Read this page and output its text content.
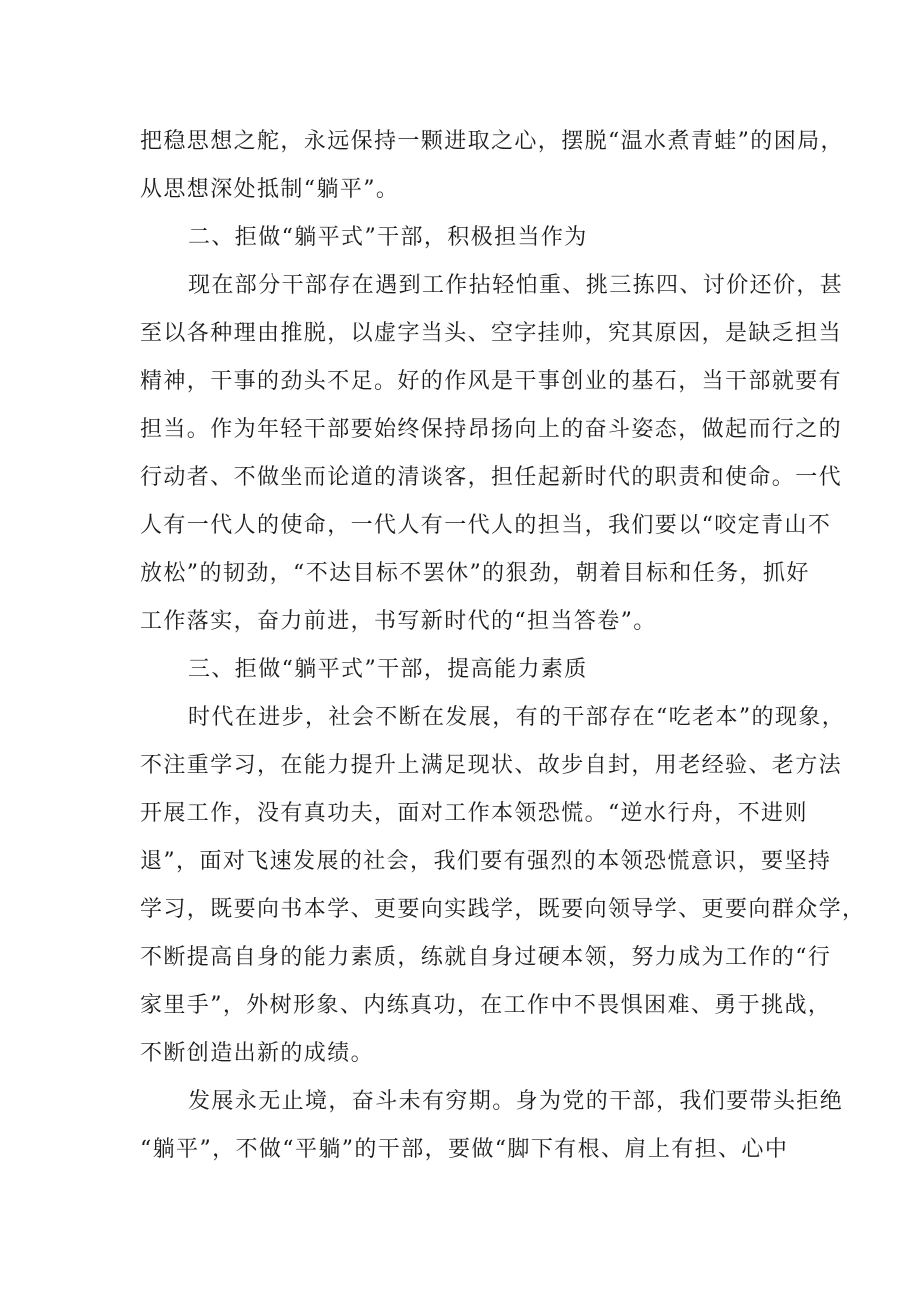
把稳思想之舵，永远保持一颗进取之心，摆脱“温水煮青蛙”的困局，
从思想深处抵制“躺平”。
二、拒做“躺平式”干部，积极担当作为
现在部分干部存在遇到工作拈轻怕重、挑三拣四、讨价还价，甚
至以各种理由推脱，以虚字当头、空字挂帅，究其原因，是缺乏担当
精神，干事的劲头不足。好的作风是干事创业的基石，当干部就要有
担当。作为年轻干部要始终保持昂扬向上的奋斗姿态，做起而行之的
行动者、不做坐而论道的清谈客，担任起新时代的职责和使命。一代
人有一代人的使命，一代人有一代人的担当，我们要以“咬定青山不
放松”的韧劲，“不达目标不罢休”的狠劲，朝着目标和任务，抓好
工作落实，奋力前进，书写新时代的“担当答卷”。
三、拒做“躺平式”干部，提高能力素质
时代在进步，社会不断在发展，有的干部存在“吃老本”的现象，
不注重学习，在能力提升上满足现状、故步自封，用老经验、老方法
开展工作，没有真功夫，面对工作本领恐慌。“逆水行舟，不进则
退”，面对飞速发展的社会，我们要有强烈的本领恐慌意识，要坚持
学习，既要向书本学、更要向实践学，既要向领导学、更要向群众学，
不断提高自身的能力素质，练就自身过硬本领，努力成为工作的“行
家里手”，外树形象、内练真功，在工作中不畏惧困难、勇于挑战，
不断创造出新的成绩。
发展永无止境，奋斗未有穷期。身为党的干部，我们要带头拒绝
“躺平”，不做“平躺”的干部，要做“脚下有根、肩上有担、心中
